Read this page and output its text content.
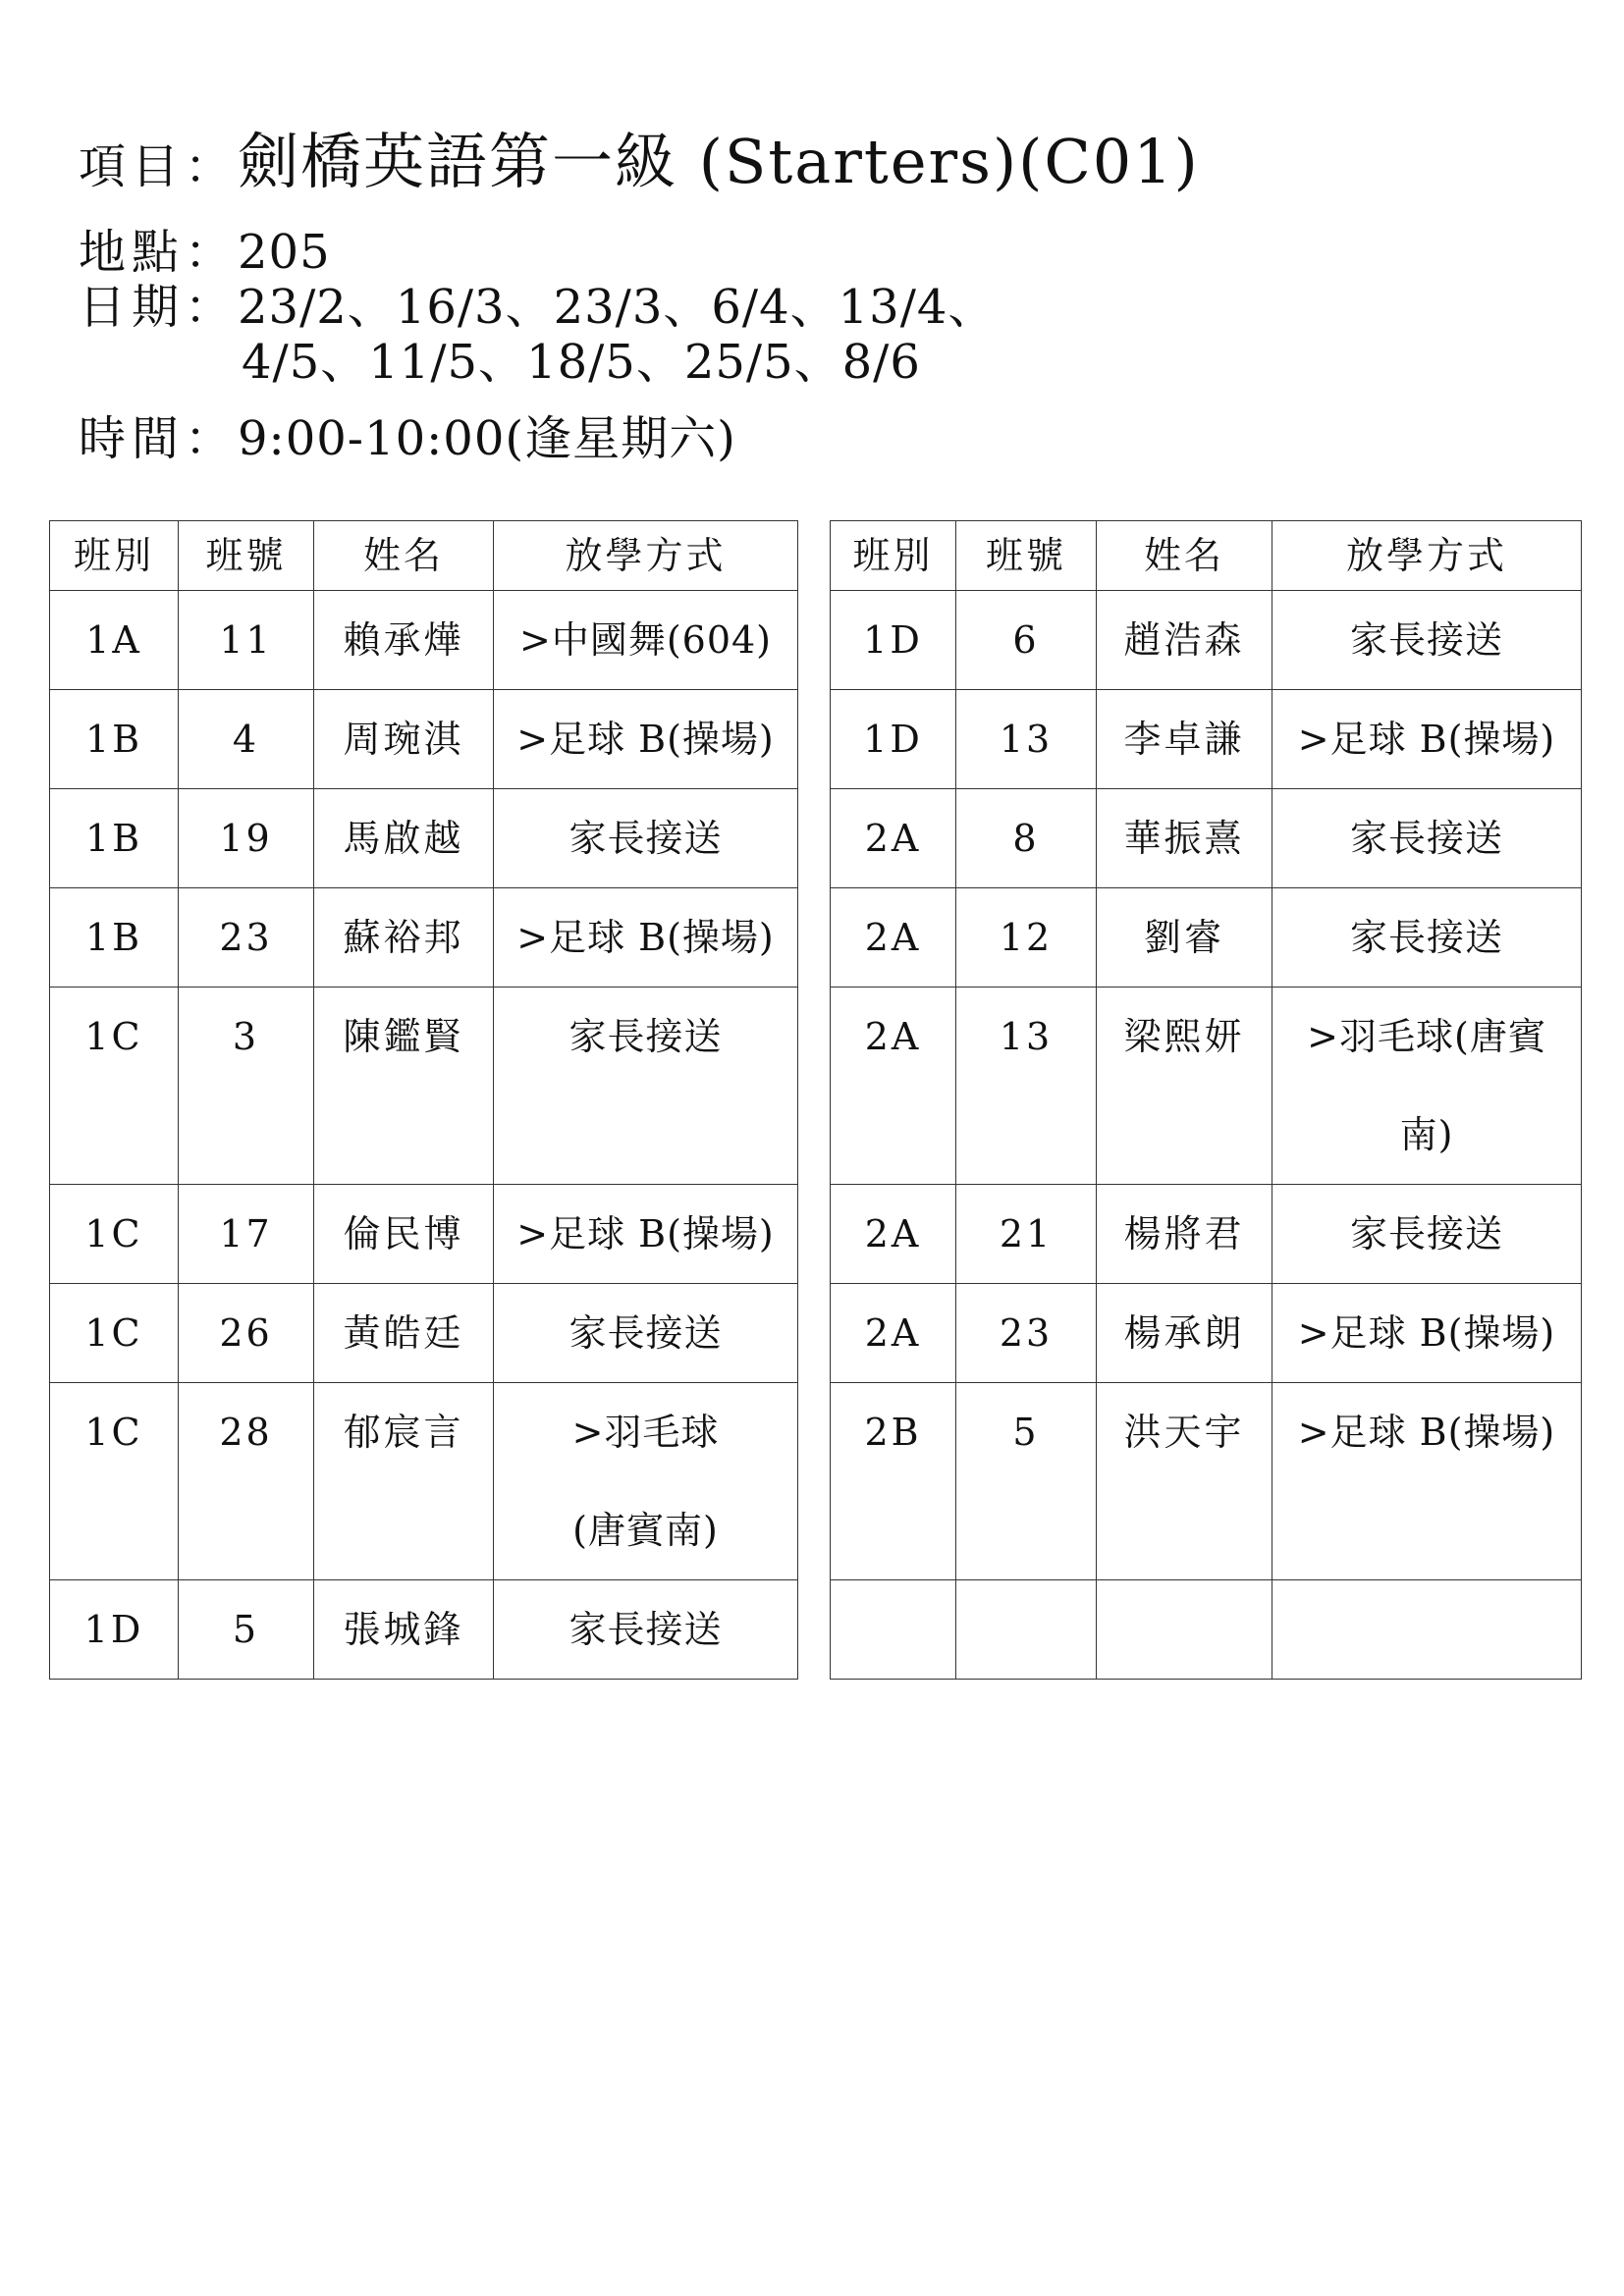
項目：劍橋英語第一級 (Starters)(C01)
地點：205
日期：23/2、16/3、23/3、6/4、13/4、
4/5、11/5、18/5、25/5、8/6
時間：9:00-10:00(逢星期六)
班別	班號	姓名	放學方式
1A	11	賴承燁	>中國舞(604)
1B	4	周琬淇	>足球 B(操場)
1B	19	馬啟越	家長接送
1B	23	蘇裕邦	>足球 B(操場)
1C	3	陳鑑賢	家長接送
1C	17	倫民博	>足球 B(操場)
1C	26	黃皓廷	家長接送
1C	28	郁宸言	>羽毛球
(唐賓南)

1D	5	張城鋒	家長接送
班別	班號	姓名	放學方式
1D	6	趙浩森	家長接送
1D	13	李卓謙	>足球 B(操場)
2A	8	華振熹	家長接送
2A	12	劉睿	家長接送
2A	13	梁熙妍	>羽毛球(唐賓
南)

2A	21	楊將君	家長接送
2A	23	楊承朗	>足球 B(操場)
2B	5	洪天宇	>足球 B(操場)
